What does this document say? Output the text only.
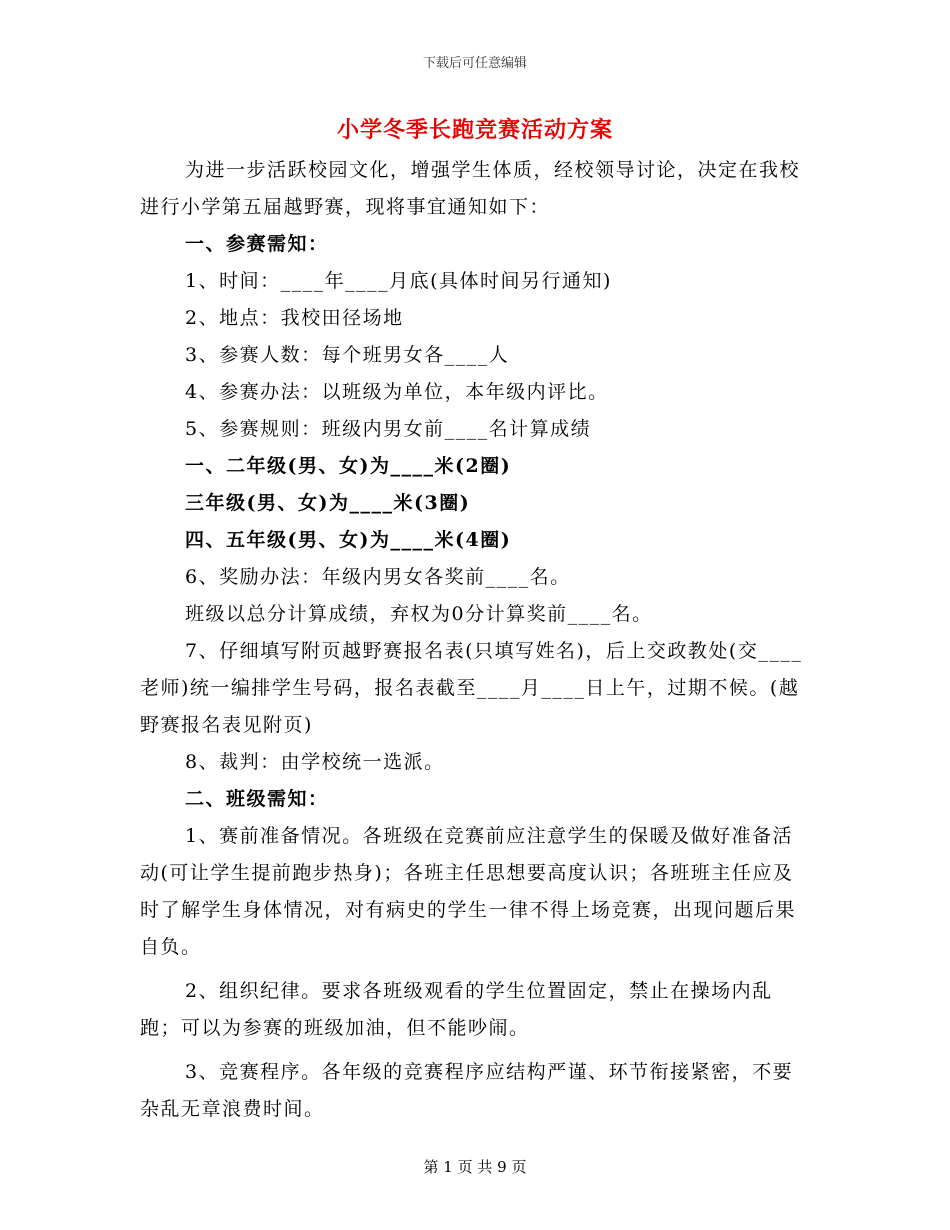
下载后可任意编辑
小学冬季长跑竞赛活动方案

为进一步活跃校园文化，增强学生体质，经校领导讨论，决定在我校进行小学第五届越野赛，现将事宜通知如下：

一、参赛需知：

1、时间：____年____月底(具体时间另行通知)

2、地点：我校田径场地

3、参赛人数：每个班男女各____人

4、参赛办法：以班级为单位，本年级内评比。

5、参赛规则：班级内男女前____名计算成绩

一、二年级(男、女)为____米(2圈)

三年级(男、女)为____米(3圈)

四、五年级(男、女)为____米(4圈)

6、奖励办法：年级内男女各奖前____名。

班级以总分计算成绩，弃权为0分计算奖前____名。

7、仔细填写附页越野赛报名表(只填写姓名)，后上交政教处(交____老师)统一编排学生号码，报名表截至____月____日上午，过期不候。(越野赛报名表见附页)

8、裁判：由学校统一选派。

二、班级需知：

1、赛前准备情况。各班级在竞赛前应注意学生的保暖及做好准备活动(可让学生提前跑步热身)；各班主任思想要高度认识；各班班主任应及时了解学生身体情况，对有病史的学生一律不得上场竞赛，出现问题后果自负。

2、组织纪律。要求各班级观看的学生位置固定，禁止在操场内乱跑；可以为参赛的班级加油，但不能吵闹。

3、竞赛程序。各年级的竞赛程序应结构严谨、环节衔接紧密，不要杂乱无章浪费时间。

第 1 页 共 9 页
